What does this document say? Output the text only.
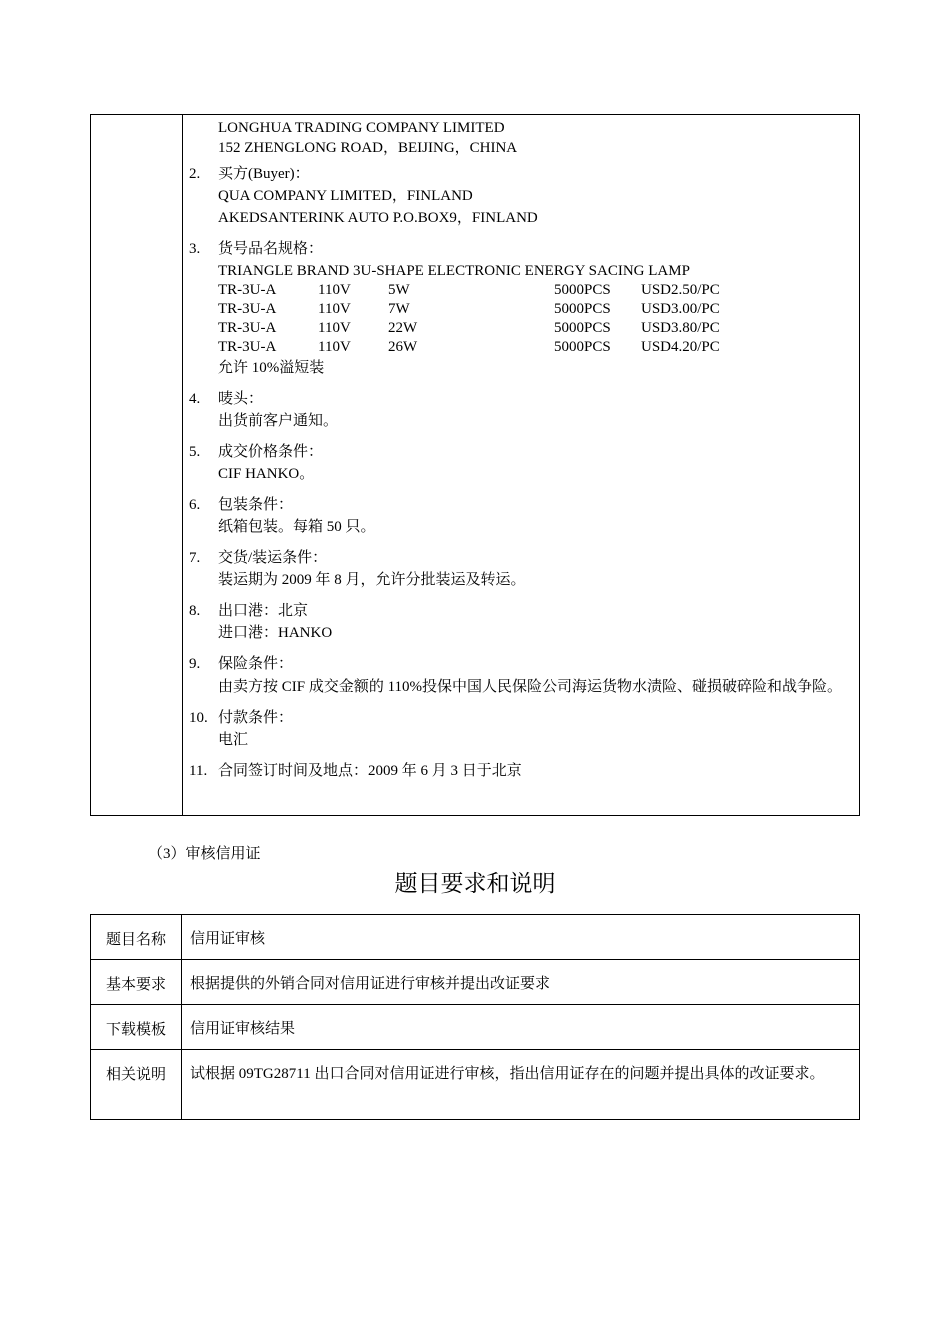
LONGHUA TRADING COMPANY LIMITED
152 ZHENGLONG ROAD，BEIJING，CHINA
2. 买方(Buyer)：
QUA COMPANY LIMITED，FINLAND
AKEDSANTERINK AUTO P.O.BOX9，FINLAND
3. 货号品名规格：
TRIANGLE BRAND 3U-SHAPE ELECTRONIC ENERGY SACING LAMP
TR-3U-A	110V	5W	5000PCS	USD2.50/PC
TR-3U-A	110V	7W	5000PCS	USD3.00/PC
TR-3U-A	110V	22W	5000PCS	USD3.80/PC
TR-3U-A	110V	26W	5000PCS	USD4.20/PC
允许 10%溢短装
4. 唛头：
出货前客户通知。
5. 成交价格条件：
CIF HANKO。
6. 包装条件：
纸箱包装。每箱 50 只。
7. 交货/装运条件：
装运期为 2009 年 8 月，允许分批装运及转运。
8. 出口港：北京
进口港：HANKO
9. 保险条件：
由卖方按 CIF 成交金额的 110%投保中国人民保险公司海运货物水渍险、碰损破碎险和战争险。
10. 付款条件：
电汇
11. 合同签订时间及地点：2009 年 6 月 3 日于北京
（3）审核信用证
题目要求和说明
题目名称	信用证审核
基本要求	根据提供的外销合同对信用证进行审核并提出改证要求
下载模板	信用证审核结果
相关说明	试根据 09TG28711 出口合同对信用证进行审核，指出信用证存在的问题并提出具体的改证要求。
